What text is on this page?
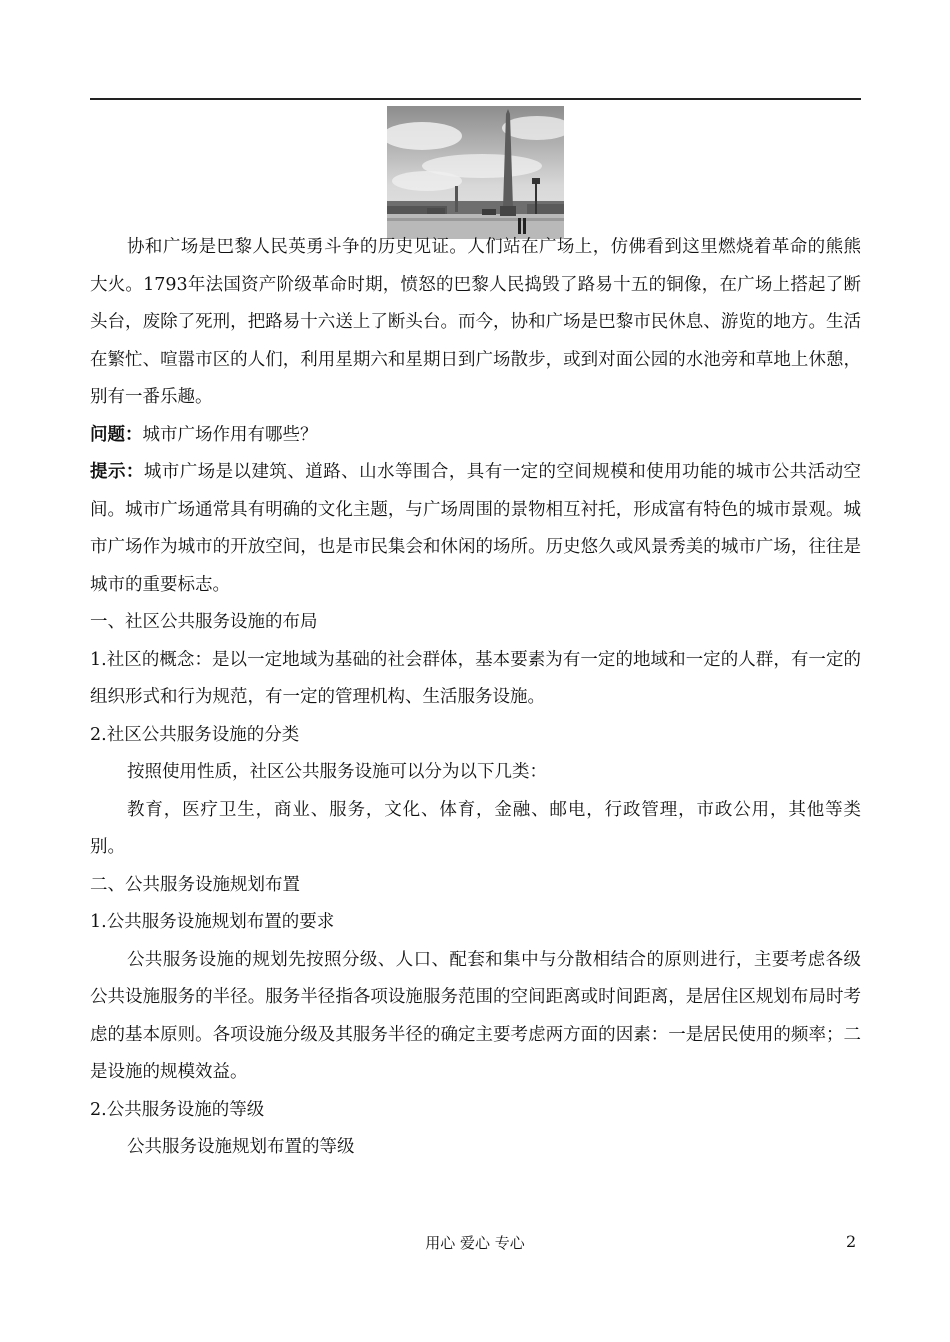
协和广场是巴黎人民英勇斗争的历史见证。人们站在广场上，仿佛看到这里燃烧着革命的熊熊大火。1793年法国资产阶级革命时期，愤怒的巴黎人民捣毁了路易十五的铜像，在广场上搭起了断头台，废除了死刑，把路易十六送上了断头台。而今，协和广场是巴黎市民休息、游览的地方。生活在繁忙、喧嚣市区的人们，利用星期六和星期日到广场散步，或到对面公园的水池旁和草地上休憩，别有一番乐趣。

问题：城市广场作用有哪些？

提示：城市广场是以建筑、道路、山水等围合，具有一定的空间规模和使用功能的城市公共活动空间。城市广场通常具有明确的文化主题，与广场周围的景物相互衬托，形成富有特色的城市景观。城市广场作为城市的开放空间，也是市民集会和休闲的场所。历史悠久或风景秀美的城市广场，往往是城市的重要标志。

一、社区公共服务设施的布局

1.社区的概念：是以一定地域为基础的社会群体，基本要素为有一定的地域和一定的人群，有一定的组织形式和行为规范，有一定的管理机构、生活服务设施。

2.社区公共服务设施的分类

按照使用性质，社区公共服务设施可以分为以下几类：

教育，医疗卫生，商业、服务，文化、体育，金融、邮电，行政管理，市政公用，其他等类别。

二、公共服务设施规划布置

1.公共服务设施规划布置的要求

公共服务设施的规划先按照分级、人口、配套和集中与分散相结合的原则进行，主要考虑各级公共设施服务的半径。服务半径指各项设施服务范围的空间距离或时间距离，是居住区规划布局时考虑的基本原则。各项设施分级及其服务半径的确定主要考虑两方面的因素：一是居民使用的频率；二是设施的规模效益。

2.公共服务设施的等级

公共服务设施规划布置的等级

用心 爱心 专心	2
